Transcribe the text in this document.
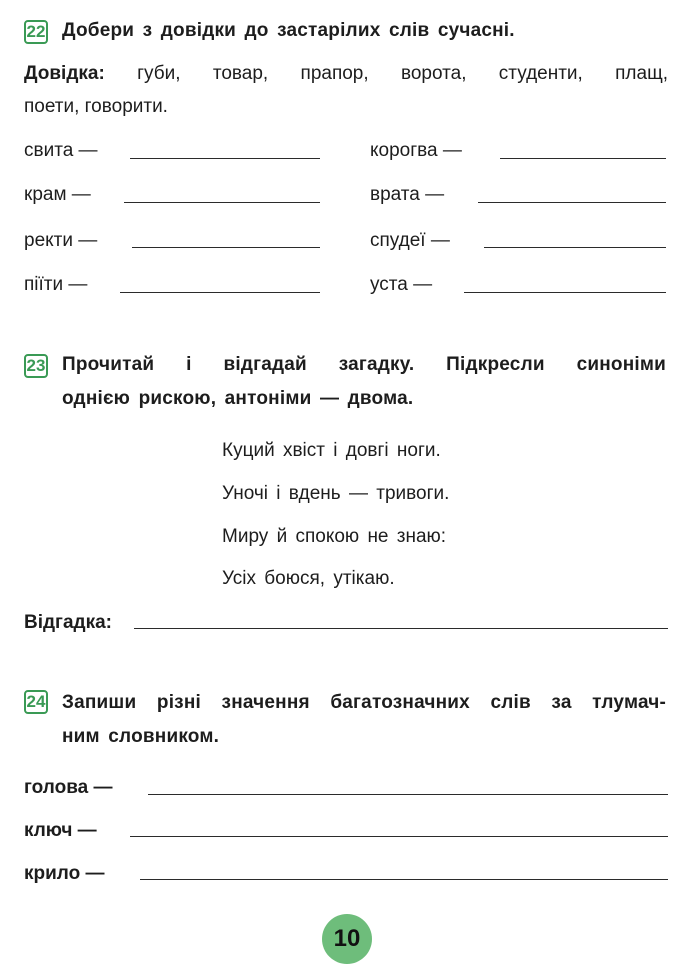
22 Добери з довідки до застарілих слів сучасні.
Довідка: губи, товар, прапор, ворота, студенти, плащ,
поети, говорити.
свита —	корогва —
крам —	врата —
ректи —	спудеї —
піїти —	уста —
23 Прочитай і відгадай загадку. Підкресли синоніми
однією рискою, антоніми — двома.
Куций хвіст і довгі ноги.
Уночі і вдень — тривоги.
Миру й спокою не знаю:
Усіх боюся, утікаю.
Відгадка:
24 Запиши різні значення багатозначних слів за тлумач-
ним словником.
голова —
ключ —
крило —
10
